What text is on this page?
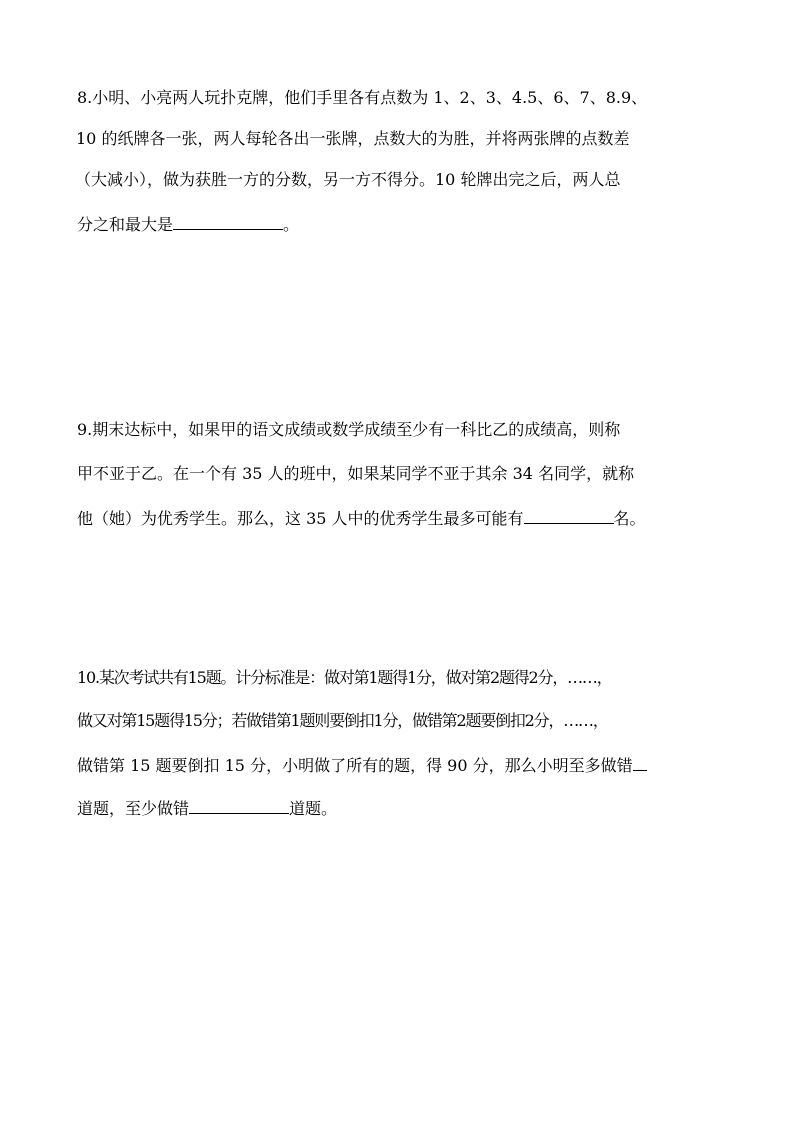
8.小明、小亮两人玩扑克牌，他们手里各有点数为 1、2、3、4.5、6、7、8.9、
10 的纸牌各一张，两人每轮各出一张牌，点数大的为胜，并将两张牌的点数差
（大减小），做为获胜一方的分数，另一方不得分。10 轮牌出完之后，两人总
分之和最大是	。
9.期末达标中，如果甲的语文成绩或数学成绩至少有一科比乙的成绩高，则称
甲不亚于乙。在一个有 35 人的班中，如果某同学不亚于其余 34 名同学，就称
他（她）为优秀学生。那么，这 35 人中的优秀学生最多可能有	名。
10.某次考试共有15题。计分标准是：做对第1题得1分，做对第2题得2分，……，
做又对第15题得15分；若做错第1题则要倒扣1分，做错第2题要倒扣2分，……，
做错第 15 题要倒扣 15 分，小明做了所有的题，得 90 分，那么小明至多做错
道题，至少做错	道题。
